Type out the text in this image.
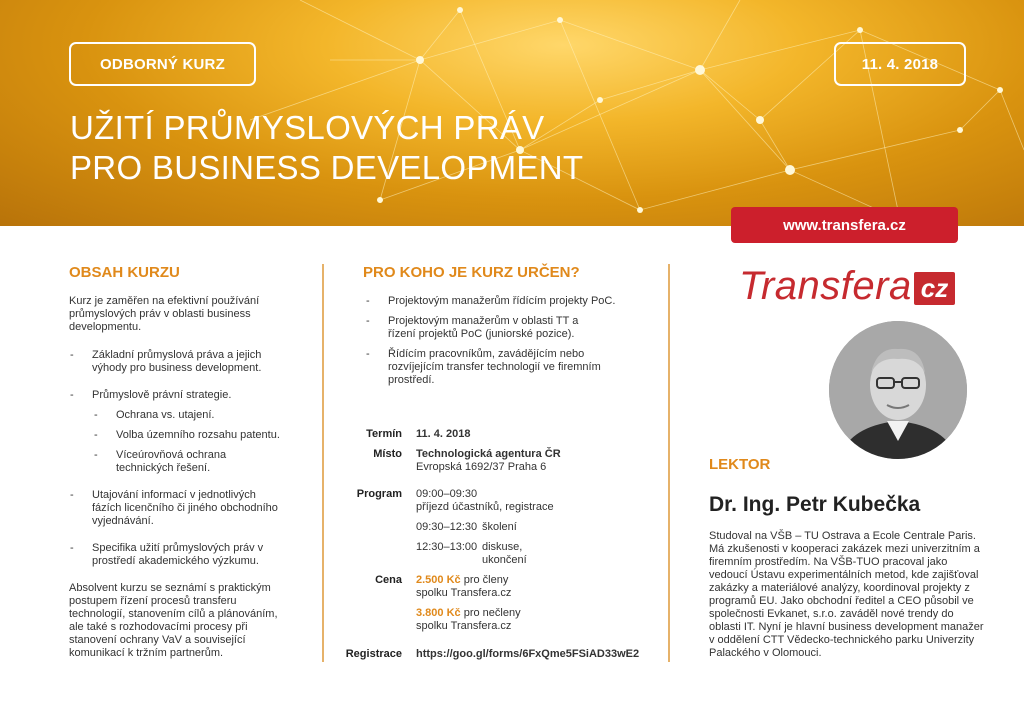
ODBORNÝ KURZ	11. 4. 2018
UŽITÍ PRŮMYSLOVÝCH PRÁV
PRO BUSINESS DEVELOPMENT
www.transfera.cz
OBSAH KURZU
Kurz je zaměřen na efektivní používání průmyslových práv v oblasti business developmentu.
- Základní průmyslová práva a jejich výhody pro business development.
- Průmyslově právní strategie.
- Ochrana vs. utajení.
- Volba územního rozsahu patentu.
- Víceúrovňová ochrana technických řešení.
- Utajování informací v jednotlivých fázích licenčního či jiného obchodního vyjednávání.
- Specifika užití průmyslových práv v prostředí akademického výzkumu.
Absolvent kurzu se seznámí s praktickým postupem řízení procesů transferu technologií, stanovením cílů a plánováním, ale také s rozhodovacími procesy při stanovení ochrany VaV a související komunikací k tržním partnerům.
PRO KOHO JE KURZ URČEN?
- Projektovým manažerům řídícím projekty PoC.
- Projektovým manažerům v oblasti TT a řízení projektů PoC (juniorské pozice).
- Řídícím pracovníkům, zavádějícím nebo rozvíjejícím transfer technologií ve firemním prostředí.
Termín 11. 4. 2018
Místo Technologická agentura ČR
Evropská 1692/37 Praha 6
Program 09:00–09:30
příjezd účastníků, registrace
09:30–12:30 školení
12:30–13:00 diskuse, ukončení
Cena 2.500 Kč pro členy spolku Transfera.cz
3.800 Kč pro nečleny spolku Transfera.cz
Registrace https://goo.gl/forms/6FxQme5FSiAD33wE2
Transfera cz
LEKTOR
Dr. Ing. Petr Kubečka
Studoval na VŠB – TU Ostrava a Ecole Centrale Paris. Má zkušenosti v kooperaci zakázek mezi univerzitním a firemním prostředím. Na VŠB-TUO pracoval jako vedoucí Ústavu experimentálních metod, kde zajišťoval zakázky a materiálové analýzy, koordinoval projekty z programů EU. Jako obchodní ředitel a CEO působil ve společnosti Evkanet, s.r.o. zaváděl nové trendy do oblasti IT. Nyní je hlavní business development manažer v oddělení CTT Vědecko-technického parku Univerzity Palackého v Olomouci.
